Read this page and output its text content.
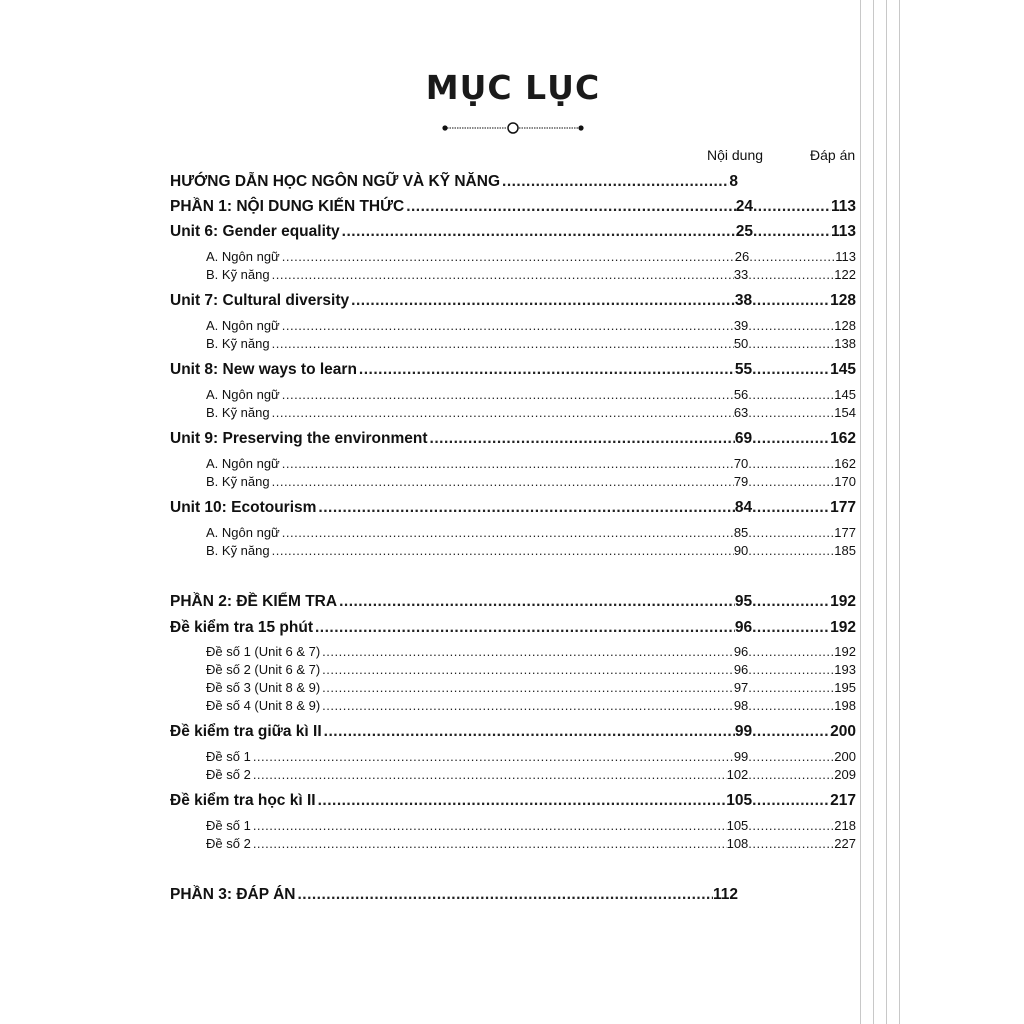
MỤC LỤC
Nội dung	Đáp án
HƯỚNG DẪN HỌC NGÔN NGỮ VÀ KỸ NĂNG .....	8
PHẦN 1: NỘI DUNG KIẾN THỨC .....	24 .....	113
Unit 6: Gender equality .....	25 .....	113
A. Ngôn ngữ .....	26 .....	113
B. Kỹ năng .....	33 .....	122
Unit 7: Cultural diversity .....	38 .....	128
A. Ngôn ngữ .....	39 .....	128
B. Kỹ năng .....	50 .....	138
Unit 8: New ways to learn .....	55 .....	145
A. Ngôn ngữ .....	56 .....	145
B. Kỹ năng .....	63 .....	154
Unit 9: Preserving the environment .....	69 .....	162
A. Ngôn ngữ .....	70 .....	162
B. Kỹ năng .....	79 .....	170
Unit 10: Ecotourism .....	84 .....	177
A. Ngôn ngữ .....	85 .....	177
B. Kỹ năng .....	90 .....	185
PHẦN 2: ĐỀ KIỂM TRA .....	95 .....	192
Đề kiểm tra 15 phút .....	96 .....	192
Đề số 1 (Unit 6 & 7) .....	96 .....	192
Đề số 2 (Unit 6 & 7) .....	96 .....	193
Đề số 3 (Unit 8 & 9) .....	97 .....	195
Đề số 4 (Unit 8 & 9) .....	98 .....	198
Đề kiểm tra giữa kì II .....	99 .....	200
Đề số 1 .....	99 .....	200
Đề số 2 .....	102 .....	209
Đề kiểm tra học kì II .....	105 .....	217
Đề số 1 .....	105 .....	218
Đề số 2 .....	108 .....	227
PHẦN 3: ĐÁP ÁN .....	112
